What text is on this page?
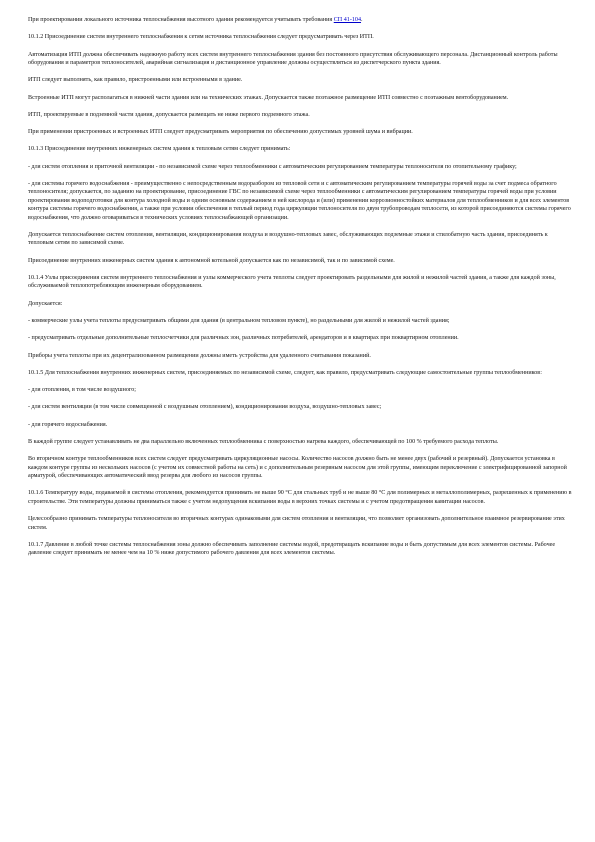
При проектировании локального источника теплоснабжения высотного здания рекомендуется учитывать требования СП 41-104.

10.1.2 Присоединение систем внутреннего теплоснабжения к сетям источника теплоснабжения следует предусматривать через ИТП.

Автоматизация ИТП должна обеспечивать надежную работу всех систем внутреннего теплоснабжения здания без постоянного присутствия обслуживающего персонала. Дистанционный контроль работы оборудования и параметров теплоносителей, аварийная сигнализация и дистанционное управление должны осуществляться из диспетчерского пункта здания.

ИТП следует выполнять, как правило, пристроенными или встроенными в здание.

Встроенные ИТП могут располагаться в нижней части здания или на технических этажах. Допускается также поэтажное размещение ИТП совместно с поэтажным вентоборудованием.

ИТП, проектируемые в подземной части здания, допускается размещать не ниже первого подземного этажа.

При применении пристроенных и встроенных ИТП следует предусматривать мероприятия по обеспечению допустимых уровней шума и вибрации.

10.1.3 Присоединение внутренних инженерных систем здания к тепловым сетям следует принимать:

- для систем отопления и приточной вентиляции - по независимой схеме через теплообменники с автоматическим регулированием температуры теплоносителя по отопительному графику;

- для системы горячего водоснабжения - преимущественно с непосредственным водоразбором из тепловой сети и с автоматическим регулированием температуры горячей воды за счет подмеса обратного теплоносителя; допускается, по заданию на проектирование, присоединение ГВС по независимой схеме через теплообменники с автоматическим регулированием температуры горячей воды при условии проектирования водоподготовки для контура холодной воды и одним основным содержанием в ней кислорода и (или) применении коррозионностойких материалов для теплообменников и для всех элементов контура системы горячего водоснабжения, а также при условии обеспечения в теплый период года циркуляции теплоносителя по двум трубопроводам теплосети, из которой присоединяются системы горячего водоснабжения, что должно оговариваться в технических условиях теплоснабжающей организации.

Допускается теплоснабжение систем отопления, вентиляции, кондиционирования воздуха и воздушно-тепловых завес, обслуживающих подземные этажи и стилобатную часть здания, присоединять к тепловым сетям по зависимой схеме.

Присоединение внутренних инженерных систем здания к автономной котельной допускается как по независимой, так и по зависимой схеме.

10.1.4 Узлы присоединения систем внутреннего теплоснабжения и узлы коммерческого учета теплоты следует проектировать раздельными для жилой и нежилой частей здания, а также для каждой зоны, обслуживаемой теплопотребляющим инженерным оборудованием.

Допускается:

- коммерческие узлы учета теплоты предусматривать общими для здания (в центральном тепловом пункте), но раздельными для жилой и нежилой частей здания;

- предусматривать отдельные дополнительные теплосчетчики для различных зон, различных потребителей, арендаторов и в квартирах при поквартирном отоплении.

Приборы учета теплоты при их децентрализованном размещении должны иметь устройства для удаленного считывания показаний.

10.1.5 Для теплоснабжения внутренних инженерных систем, присоединяемых по независимой схеме, следует, как правило, предусматривать следующие самостоятельные группы теплообменников:

- для отопления, в том числе воздушного;

- для систем вентиляции (в том числе совмещенной с воздушным отоплением), кондиционирования воздуха, воздушно-тепловых завес;

- для горячего водоснабжения.

В каждой группе следует устанавливать не два параллельно включенных теплообменника с поверхностью нагрева каждого, обеспечивающей по 100 % требуемого расхода теплоты.

Во вторичном контуре теплообменников всех систем следует предусматривать циркуляционные насосы. Количество насосов должно быть не менее двух (рабочий и резервный). Допускается установка в каждом контуре группы из нескольких насосов (с учетом их совместной работы на сеть) и с дополнительным резервным насосом для этой группы, имеющим переключение с электрифицированной запорной арматурой, обеспечивающих автоматический ввод резерва для любого из насосов группы.

10.1.6 Температуру воды, подаваемой в системы отопления, рекомендуется принимать не выше 90 °С для стальных труб и не выше 80 °С для полимерных и металлополимерных, разрешенных к применению в строительстве. Эти температуры должны приниматься также с учетом недопущения вскипания воды в верхних точках системы и с учетом предотвращения кавитации насосов.

Целесообразно принимать температуры теплоносителя во вторичных контурах одинаковыми для систем отопления и вентиляции, что позволяет организовать дополнительное взаимное резервирование этих систем.

10.1.7 Давление в любой точке системы теплоснабжения зоны должно обеспечивать заполнение системы водой, предотвращать вскипание воды и быть допустимым для всех элементов системы. Рабочее давление следует принимать не менее чем на 10 % ниже допустимого рабочего давления для всех элементов системы.
